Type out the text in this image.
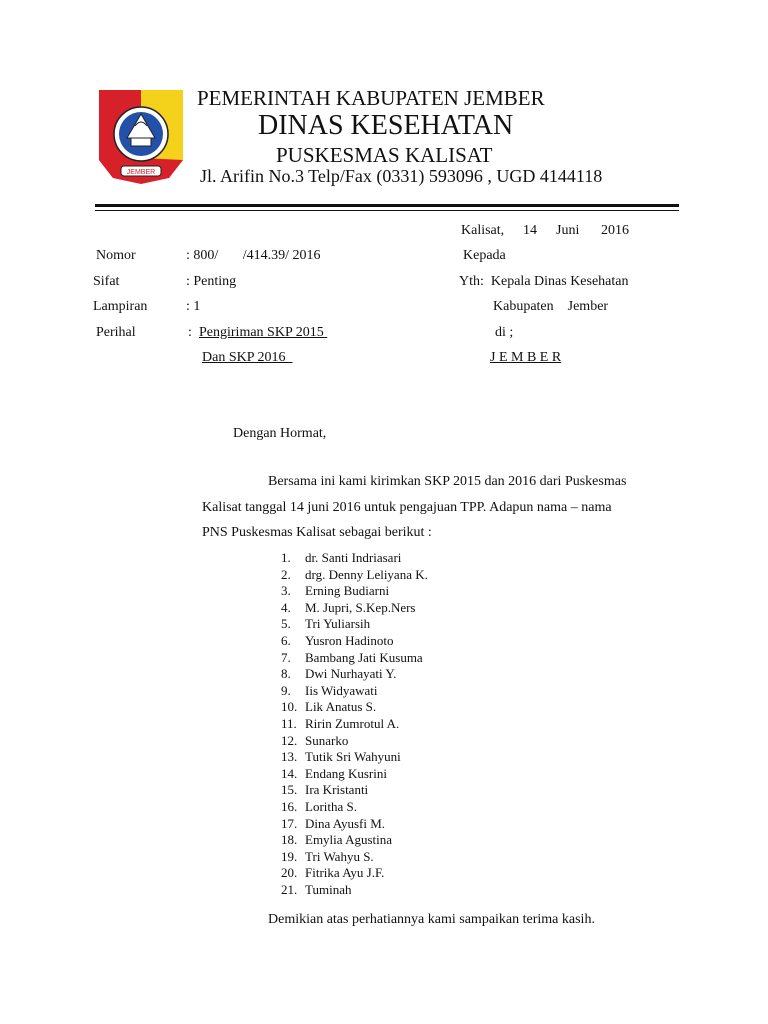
JEMBER
PEMERINTAH KABUPATEN JEMBER
DINAS KESEHATAN
PUSKESMAS KALISAT
Jl. Arifin No.3 Telp/Fax (0331) 593096 , UGD 4144118
Kalisat, 14 Juni 2016
Nomor	: 800/       /414.39/ 2016
Sifat	: Penting
Lampiran	: 1
Perihal	: Pengiriman SKP 2015
Dan SKP 2016
Kepada
Yth:  Kepala Dinas Kesehatan
Kabupaten    Jember
di ;
J E M B E R
Dengan Hormat,
Bersama ini kami kirimkan SKP 2015 dan 2016 dari Puskesmas
Kalisat tanggal 14 juni 2016 untuk pengajuan TPP. Adapun nama – nama
PNS Puskesmas Kalisat sebagai berikut :
1. dr. Santi Indriasari
2. drg. Denny Leliyana K.
3. Erning Budiarni
4. M. Jupri, S.Kep.Ners
5. Tri Yuliarsih
6. Yusron Hadinoto
7. Bambang Jati Kusuma
8. Dwi Nurhayati Y.
9. Iis Widyawati
10. Lik Anatus S.
11. Ririn Zumrotul A.
12. Sunarko
13. Tutik Sri Wahyuni
14. Endang Kusrini
15. Ira Kristanti
16. Loritha S.
17. Dina Ayusfi M.
18. Emylia Agustina
19. Tri Wahyu S.
20. Fitrika Ayu J.F.
21. Tuminah
Demikian atas perhatiannya kami sampaikan terima kasih.
